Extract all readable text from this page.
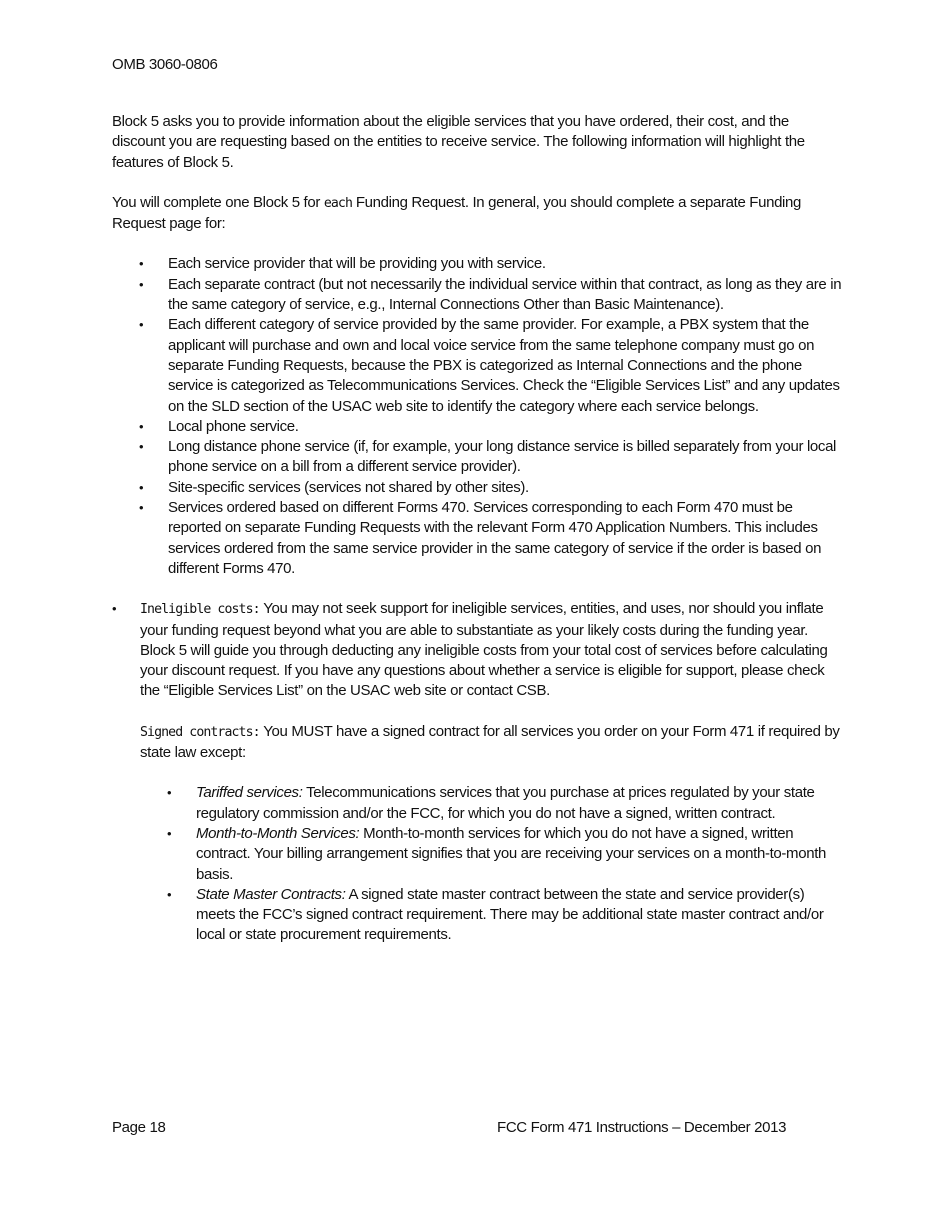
OMB 3060-0806

Block 5 asks you to provide information about the eligible services that you have ordered, their cost, and the discount you are requesting based on the entities to receive service. The following information will highlight the features of Block 5.

You will complete one Block 5 for each Funding Request. In general, you should complete a separate Funding Request page for:

• Each service provider that will be providing you with service.
• Each separate contract (but not necessarily the individual service within that contract, as long as they are in the same category of service, e.g., Internal Connections Other than Basic Maintenance).
• Each different category of service provided by the same provider. For example, a PBX system that the applicant will purchase and own and local voice service from the same telephone company must go on separate Funding Requests, because the PBX is categorized as Internal Connections and the phone service is categorized as Telecommunications Services. Check the “Eligible Services List” and any updates on the SLD section of the USAC web site to identify the category where each service belongs.
• Local phone service.
• Long distance phone service (if, for example, your long distance service is billed separately from your local phone service on a bill from a different service provider).
• Site-specific services (services not shared by other sites).
• Services ordered based on different Forms 470. Services corresponding to each Form 470 must be reported on separate Funding Requests with the relevant Form 470 Application Numbers. This includes services ordered from the same service provider in the same category of service if the order is based on different Forms 470.

• Ineligible costs: You may not seek support for ineligible services, entities, and uses, nor should you inflate your funding request beyond what you are able to substantiate as your likely costs during the funding year. Block 5 will guide you through deducting any ineligible costs from your total cost of services before calculating your discount request. If you have any questions about whether a service is eligible for support, please check the “Eligible Services List” on the USAC web site or contact CSB.

Signed contracts: You MUST have a signed contract for all services you order on your Form 471 if required by state law except:

• Tariffed services: Telecommunications services that you purchase at prices regulated by your state regulatory commission and/or the FCC, for which you do not have a signed, written contract.
• Month-to-Month Services: Month-to-month services for which you do not have a signed, written contract. Your billing arrangement signifies that you are receiving your services on a month-to-month basis.
• State Master Contracts: A signed state master contract between the state and service provider(s) meets the FCC’s signed contract requirement. There may be additional state master contract and/or local or state procurement requirements.
Page 18	FCC Form 471 Instructions – December 2013
